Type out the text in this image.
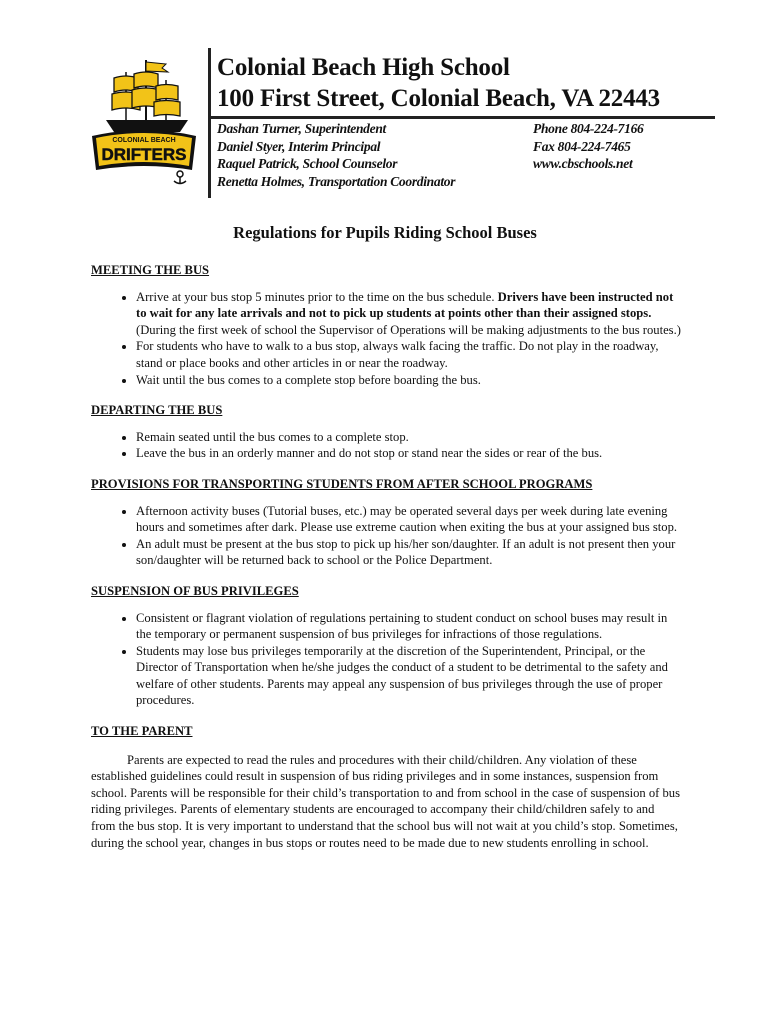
COLONIAL BEACH
DRIFTERS
Colonial Beach High School
100 First Street, Colonial Beach, VA 22443
Dashan Turner, Superintendent
Daniel Styer, Interim Principal
Raquel Patrick, School Counselor
Renetta Holmes, Transportation Coordinator
Phone 804-224-7166
Fax 804-224-7465
www.cbschools.net
Regulations for Pupils Riding School Buses

MEETING THE BUS

• Arrive at your bus stop 5 minutes prior to the time on the bus schedule. Drivers have been instructed not to wait for any late arrivals and not to pick up students at points other than their assigned stops. (During the first week of school the Supervisor of Operations will be making adjustments to the bus routes.)
• For students who have to walk to a bus stop, always walk facing the traffic. Do not play in the roadway, stand or place books and other articles in or near the roadway.
• Wait until the bus comes to a complete stop before boarding the bus.

DEPARTING THE BUS

• Remain seated until the bus comes to a complete stop.
• Leave the bus in an orderly manner and do not stop or stand near the sides or rear of the bus.

PROVISIONS FOR TRANSPORTING STUDENTS FROM AFTER SCHOOL PROGRAMS

• Afternoon activity buses (Tutorial buses, etc.) may be operated several days per week during late evening hours and sometimes after dark. Please use extreme caution when exiting the bus at your assigned bus stop.
• An adult must be present at the bus stop to pick up his/her son/daughter. If an adult is not present then your son/daughter will be returned back to school or the Police Department.

SUSPENSION OF BUS PRIVILEGES

• Consistent or flagrant violation of regulations pertaining to student conduct on school buses may result in the temporary or permanent suspension of bus privileges for infractions of those regulations.
• Students may lose bus privileges temporarily at the discretion of the Superintendent, Principal, or the Director of Transportation when he/she judges the conduct of a student to be detrimental to the safety and welfare of other students. Parents may appeal any suspension of bus privileges through the use of proper procedures.

TO THE PARENT

Parents are expected to read the rules and procedures with their child/children. Any violation of these established guidelines could result in suspension of bus riding privileges and in some instances, suspension from school. Parents will be responsible for their child’s transportation to and from school in the case of suspension of bus riding privileges. Parents of elementary students are encouraged to accompany their child/children safely to and from the bus stop. It is very important to understand that the school bus will not wait at you child’s stop. Sometimes, during the school year, changes in bus stops or routes need to be made due to new students enrolling in school.
